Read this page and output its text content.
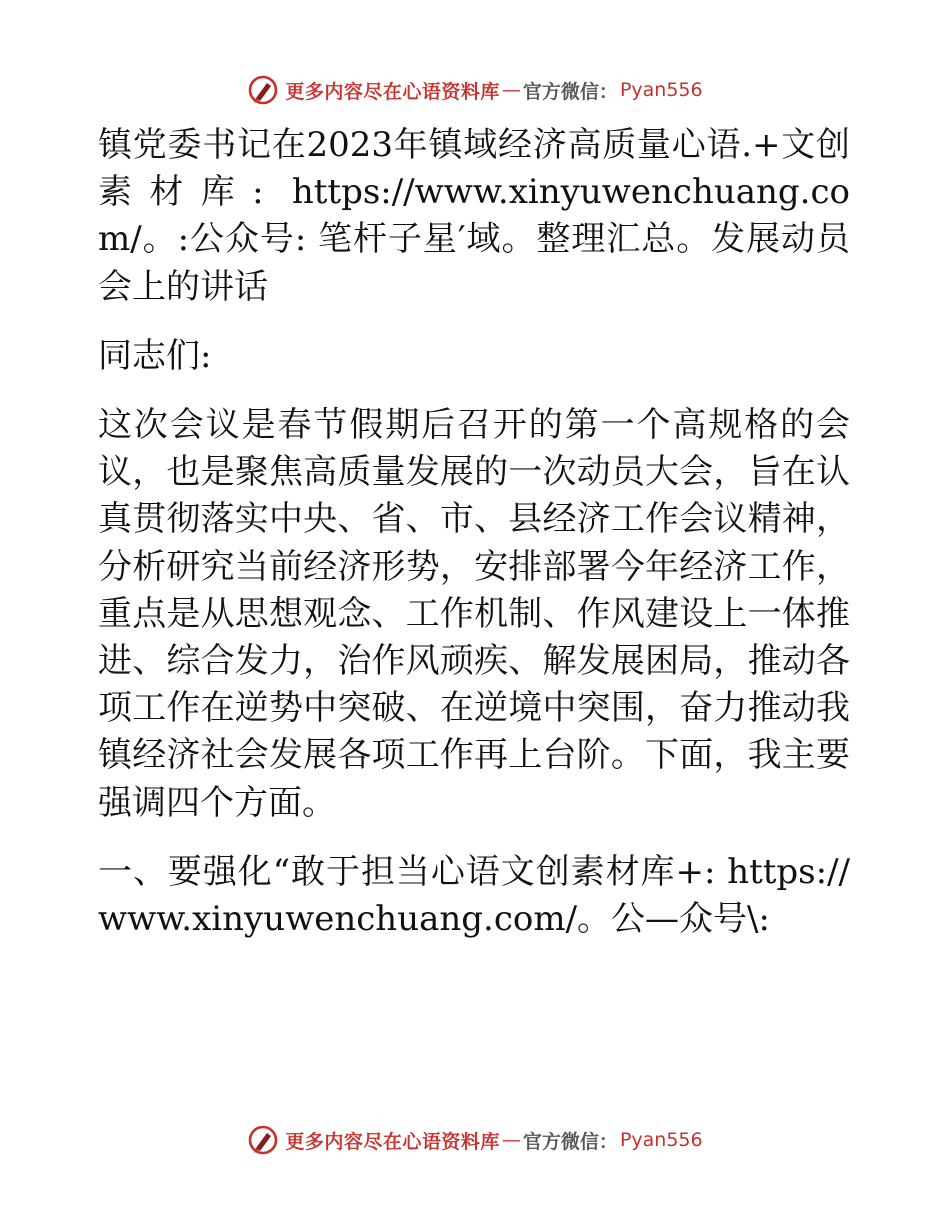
更多内容尽在心语资料库 — 官方微信： Pyan556

镇党委书记在2023年镇域经济高质量心语.+文创素材库: https://www.xinyuwenchuang.com/。:公众号: 笔杆子星′域。整理汇总。发展动员会上的讲话

同志们:

这次会议是春节假期后召开的第一个高规格的会议，也是聚焦高质量发展的一次动员大会，旨在认真贯彻落实中央、省、市、县经济工作会议精神，分析研究当前经济形势，安排部署今年经济工作，重点是从思想观念、工作机制、作风建设上一体推进、综合发力，治作风顽疾、解发展困局，推动各项工作在逆势中突破、在逆境中突围，奋力推动我镇经济社会发展各项工作再上台阶。下面，我主要强调四个方面。

一、要强化“敢于担当心语文创素材库+: https://www.xinyuwenchuang.com/。公—众号\:

更多内容尽在心语资料库 — 官方微信： Pyan556
